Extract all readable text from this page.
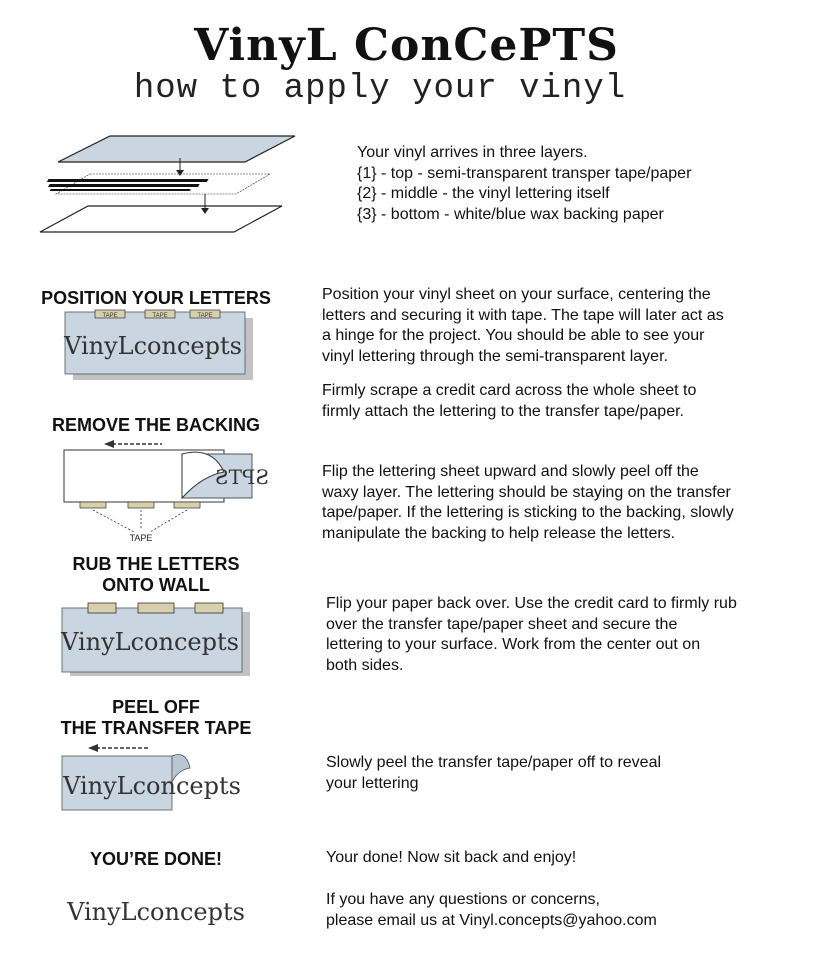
VinyL ConCePTS
how to apply your vinyl
Your vinyl arrives in three layers.
{1} - top - semi-transparent transper tape/paper
{2} - middle - the vinyl lettering itself
{3} - bottom - white/blue wax backing paper
POSITION YOUR LETTERS
TAPE	TAPE	TAPE
VinyLconcepts
Position your vinyl sheet on your surface, centering the
letters and securing it with tape. The tape will later act as
a hinge for the project. You should be able to see your
vinyl lettering through the semi-transparent layer.
Firmly scrape a credit card across the whole sheet to
firmly attach the lettering to the transfer tape/paper.
REMOVE THE BACKING
SPTS
TAPE
Flip the lettering sheet upward and slowly peel off the
waxy layer. The lettering should be staying on the transfer
tape/paper. If the lettering is sticking to the backing, slowly
manipulate the backing to help release the letters.
RUB THE LETTERS
ONTO WALL
VinyLconcepts
Flip your paper back over. Use the credit card to firmly rub
over the transfer tape/paper sheet and secure the
lettering to your surface. Work from the center out on
both sides.
PEEL OFF
THE TRANSFER TAPE
VinyLconcepts
Slowly peel the transfer tape/paper off to reveal
your lettering
YOU’RE DONE!	Your done! Now sit back and enjoy!
VinyLconcepts	If you have any questions or concerns,
please email us at Vinyl.concepts@yahoo.com
